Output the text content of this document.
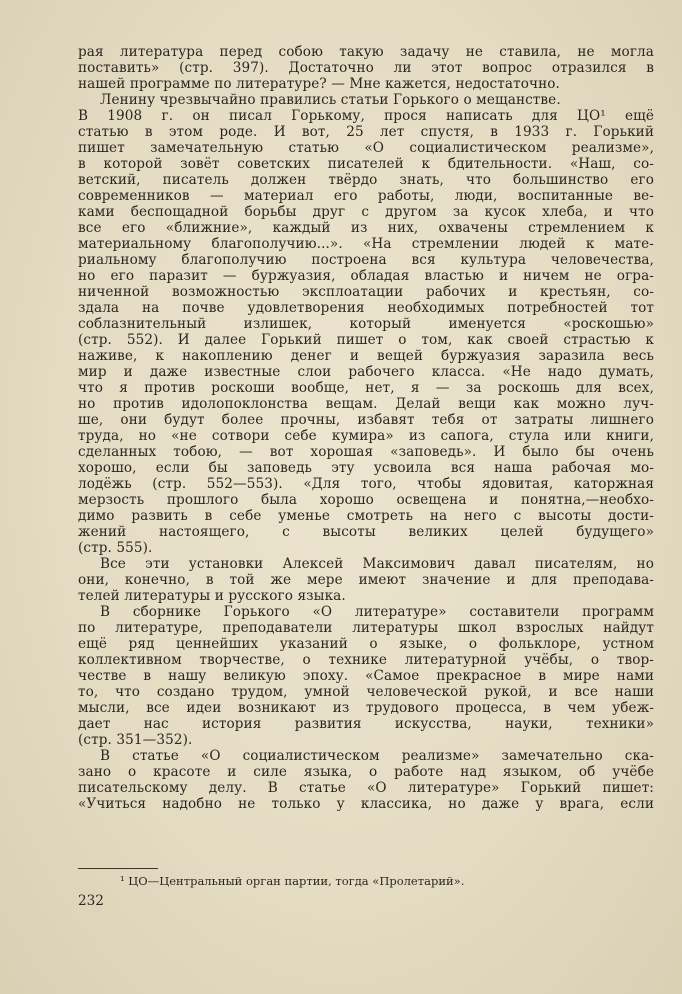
рая литература перед собою такую задачу не ставила, не могла
поставить» (стр. 397). Достаточно ли этот вопрос отразился в
нашей программе по литературе? — Мне кажется, недостаточно.
Ленину чрезвычайно правились статьи Горького о мещанстве.
В 1908 г. он писал Горькому, прося написать для ЦО¹ ещё
статью в этом роде. И вот, 25 лет спустя, в 1933 г. Горький
пишет замечательную статью «О социалистическом реализме»,
в которой зовёт советских писателей к бдительности. «Наш, со-
ветский, писатель должен твёрдо знать, что большинство его
современников — материал его работы, люди, воспитанные ве-
ками беспощадной борьбы друг с другом за кусок хлеба, и что
все его «ближние», каждый из них, охвачены стремлением к
материальному благополучию...». «На стремлении людей к мате-
риальному благополучию построена вся культура человечества,
но его паразит — буржуазия, обладая властью и ничем не огра-
ниченной возможностью эксплоатации рабочих и крестьян, со-
здала на почве удовлетворения необходимых потребностей тот
соблазнительный излишек, который именуется «роскошью»
(стр. 552). И далее Горький пишет о том, как своей страстью к
наживе, к накоплению денег и вещей буржуазия заразила весь
мир и даже известные слои рабочего класса. «Не надо думать,
что я против роскоши вообще, нет, я — за роскошь для всех,
но против идолопоклонства вещам. Делай вещи как можно луч-
ше, они будут более прочны, избавят тебя от затраты лишнего
труда, но «не сотвори себе кумира» из сапога, стула или книги,
сделанных тобою, — вот хорошая «заповедь». И было бы очень
хорошо, если бы заповедь эту усвоила вся наша рабочая мо-
лодёжь (стр. 552—553). «Для того, чтобы ядовитая, каторжная
мерзость прошлого была хорошо освещена и понятна,—необхо-
димо развить в себе уменье смотреть на него с высоты дости-
жений настоящего, с высоты великих целей будущего»
(стр. 555).
Все эти установки Алексей Максимович давал писателям, но
они, конечно, в той же мере имеют значение и для преподава-
телей литературы и русского языка.
В сборнике Горького «О литературе» составители программ
по литературе, преподаватели литературы школ взрослых найдут
ещё ряд ценнейших указаний о языке, о фольклоре, устном
коллективном творчестве, о технике литературной учёбы, о твор-
честве в нашу великую эпоху. «Самое прекрасное в мире нами
то, что создано трудом, умной человеческой рукой, и все наши
мысли, все идеи возникают из трудового процесса, в чем убеж-
дает нас история развития искусства, науки, техники»
(стр. 351—352).
В статье «О социалистическом реализме» замечательно ска-
зано о красоте и силе языка, о работе над языком, об учёбе
писательскому делу. В статье «О литературе» Горький пишет:
«Учиться надобно не только у классика, но даже у врага, если

¹ ЦО—Центральный орган партии, тогда «Пролетарий».
232
